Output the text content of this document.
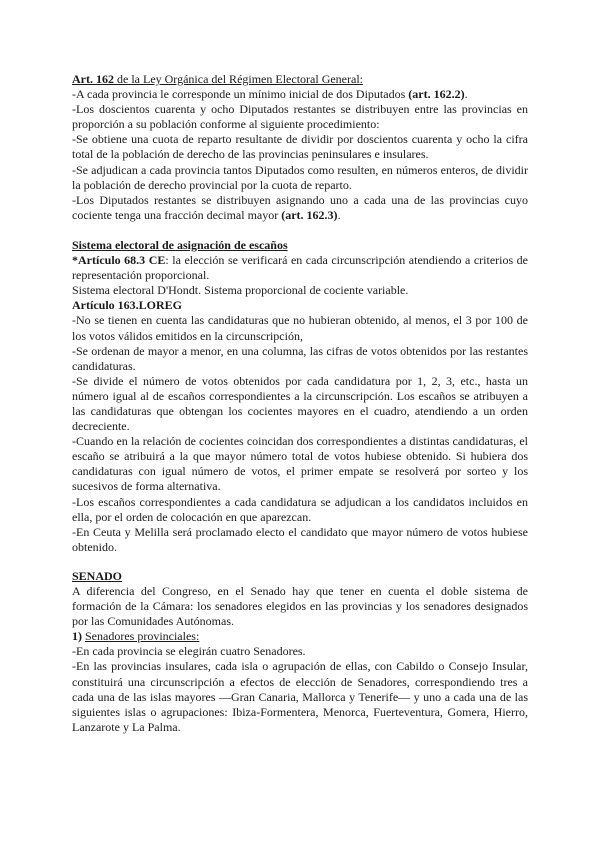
Art. 162 de la Ley Orgánica del Régimen Electoral General:

-A cada provincia le corresponde un mínimo inicial de dos Diputados (art. 162.2).

-Los doscientos cuarenta y ocho Diputados restantes se distribuyen entre las provincias en proporción a su población conforme al siguiente procedimiento:

-Se obtiene una cuota de reparto resultante de dividir por doscientos cuarenta y ocho la cifra total de la población de derecho de las provincias peninsulares e insulares.

-Se adjudican a cada provincia tantos Diputados como resulten, en números enteros, de dividir la población de derecho provincial por la cuota de reparto.

-Los Diputados restantes se distribuyen asignando uno a cada una de las provincias cuyo cociente tenga una fracción decimal mayor (art. 162.3).

Sistema electoral de asignación de escaños

*Artículo 68.3 CE: la elección se verificará en cada circunscripción atendiendo a criterios de representación proporcional.

Sistema electoral D'Hondt. Sistema proporcional de cociente variable.

Artículo 163.LOREG

-No se tienen en cuenta las candidaturas que no hubieran obtenido, al menos, el 3 por 100 de los votos válidos emitidos en la circunscripción,

-Se ordenan de mayor a menor, en una columna, las cifras de votos obtenidos por las restantes candidaturas.

-Se divide el número de votos obtenidos por cada candidatura por 1, 2, 3, etc., hasta un número igual al de escaños correspondientes a la circunscripción. Los escaños se atribuyen a las candidaturas que obtengan los cocientes mayores en el cuadro, atendiendo a un orden decreciente.

-Cuando en la relación de cocientes coincidan dos correspondientes a distintas candidaturas, el escaño se atribuirá a la que mayor número total de votos hubiese obtenido. Si hubiera dos candidaturas con igual número de votos, el primer empate se resolverá por sorteo y los sucesivos de forma alternativa.

-Los escaños correspondientes a cada candidatura se adjudican a los candidatos incluidos en ella, por el orden de colocación en que aparezcan.

-En Ceuta y Melilla será proclamado electo el candidato que mayor número de votos hubiese obtenido.

SENADO

A diferencia del Congreso, en el Senado hay que tener en cuenta el doble sistema de formación de la Cámara: los senadores elegidos en las provincias y los senadores designados por las Comunidades Autónomas.

1) Senadores provinciales:

-En cada provincia se elegirán cuatro Senadores.

-En las provincias insulares, cada isla o agrupación de ellas, con Cabildo o Consejo Insular, constituirá una circunscripción a efectos de elección de Senadores, correspondiendo tres a cada una de las islas mayores —Gran Canaria, Mallorca y Tenerife— y uno a cada una de las siguientes islas o agrupaciones: Ibiza-Formentera, Menorca, Fuerteventura, Gomera, Hierro, Lanzarote y La Palma.
